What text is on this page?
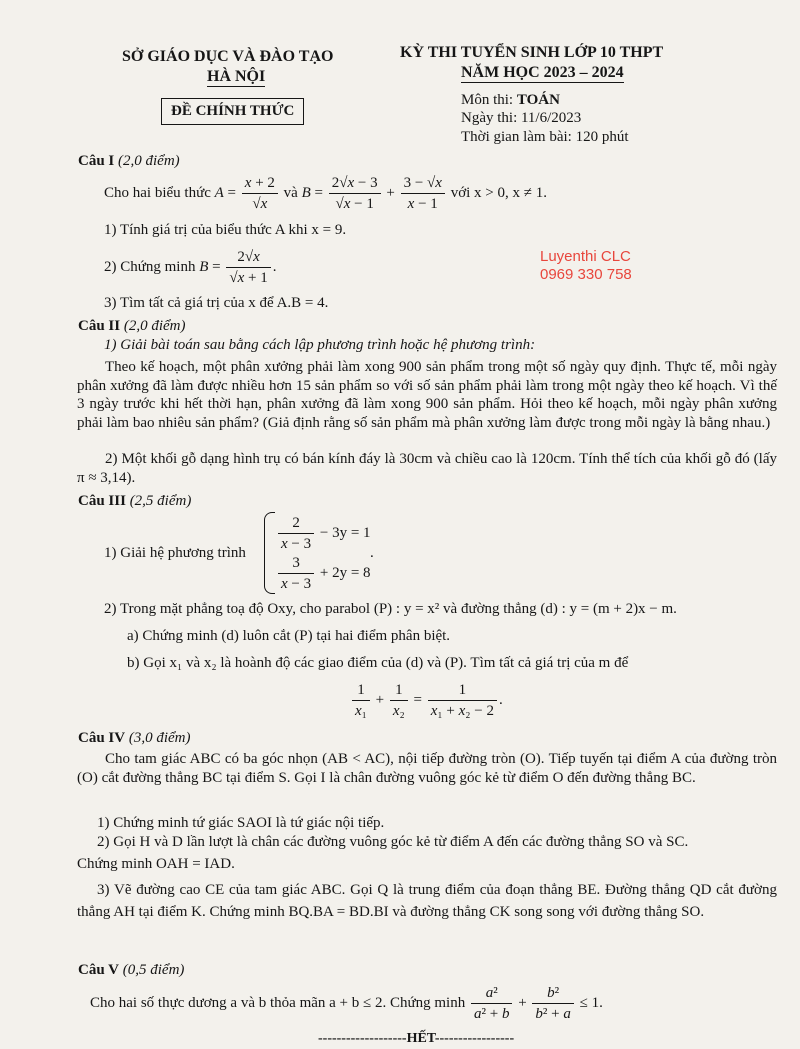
SỞ GIÁO DỤC VÀ ĐÀO TẠO
HÀ NỘI
ĐỀ CHÍNH THỨC
KỲ THI TUYỂN SINH LỚP 10 THPT
NĂM HỌC 2023 – 2024
Môn thi: TOÁN
Ngày thi: 11/6/2023
Thời gian làm bài: 120 phút
Luyenthi CLC
0969 330 758
Câu I (2,0 điểm)
Cho hai biểu thức $A = \frac{x + 2}{√x}$ và $B = \frac{2√x - 3}{√x - 1} + \frac{3 - √x}{x - 1}$ với x > 0, x ≠ 1.
1) Tính giá trị của biểu thức A khi x = 9.
2) Chứng minh $B = \frac{2√x}{√x + 1}$ .
3) Tìm tất cả giá trị của x để A.B = 4.
Câu II (2,0 điểm)
1) Giải bài toán sau bằng cách lập phương trình hoặc hệ phương trình:
Theo kế hoạch, một phân xưởng phải làm xong 900 sản phẩm trong một số ngày quy định. Thực tế, mỗi ngày phân xưởng đã làm được nhiều hơn 15 sản phẩm so với số sản phẩm phải làm trong một ngày theo kế hoạch. Vì thế 3 ngày trước khi hết thời hạn, phân xưởng đã làm xong 900 sản phẩm. Hỏi theo kế hoạch, mỗi ngày phân xưởng phải làm bao nhiêu sản phẩm? (Giả định rằng số sản phẩm mà phân xưởng làm được trong mỗi ngày là bằng nhau.)
2) Một khối gỗ dạng hình trụ có bán kính đáy là 30cm và chiều cao là 120cm. Tính thể tích của khối gỗ đó (lấy π ≈ 3,14).
Câu III (2,5 điểm)
1) Giải hệ phương trình $\frac{2}{x - 3} - 3y = 1$
$\frac{3}{x - 3} + 2y = 8$
.
2) Trong mặt phẳng toạ độ Oxy, cho parabol (P) : y = x² và đường thẳng (d) : y = (m + 2)x − m.
a) Chứng minh (d) luôn cắt (P) tại hai điểm phân biệt.
b) Gọi x₁ và x₂ là hoành độ các giao điểm của (d) và (P). Tìm tất cả giá trị của m để
$\frac{1}{\text{x₁}} + \frac{1}{\text{x₂}} = \frac{1}{\text{x₁ + x₂ − 2}}$ .
Câu IV (3,0 điểm)
Cho tam giác ABC có ba góc nhọn (AB < AC), nội tiếp đường tròn (O). Tiếp tuyến tại điểm A của đường tròn (O) cắt đường thẳng BC tại điểm S. Gọi I là chân đường vuông góc kẻ từ điểm O đến đường thẳng BC.
1) Chứng minh tứ giác SAOI là tứ giác nội tiếp.
2) Gọi H và D lần lượt là chân các đường vuông góc kẻ từ điểm A đến các đường thẳng SO và SC.
Chứng minh OAH = IAD.
3) Vẽ đường cao CE của tam giác ABC. Gọi Q là trung điểm của đoạn thẳng BE. Đường thẳng QD cắt đường thẳng AH tại điểm K. Chứng minh BQ.BA = BD.BI và đường thẳng CK song song với đường thẳng SO.
Câu V (0,5 điểm)
Cho hai số thực dương a và b thỏa mãn a + b ≤ 2. Chứng minh $\frac{\text{a²}}{\text{a² + b}} + \frac{\text{b²}}{\text{b² + a}} \le 1$.
-------------------HẾT-----------------
